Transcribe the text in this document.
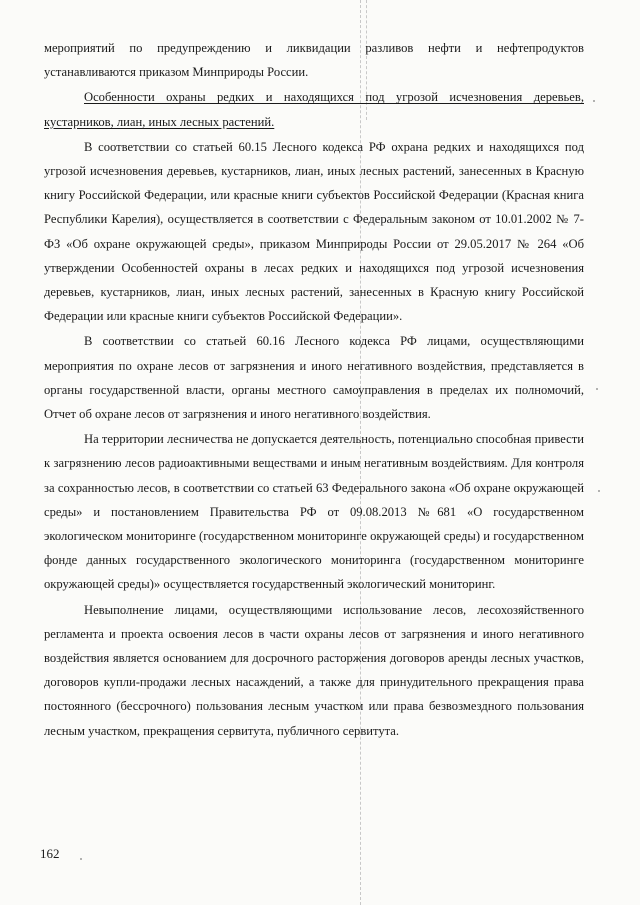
мероприятий по предупреждению и ликвидации разливов нефти и нефтепродуктов устанавливаются приказом Минприроды России.

Особенности охраны редких и находящихся под угрозой исчезновения деревьев, кустарников, лиан, иных лесных растений.

В соответствии со статьей 60.15 Лесного кодекса РФ охрана редких и находящихся под угрозой исчезновения деревьев, кустарников, лиан, иных лесных растений, занесенных в Красную книгу Российской Федерации, или красные книги субъектов Российской Федерации (Красная книга Республики Карелия), осуществляется в соответствии с Федеральным законом от 10.01.2002 № 7-ФЗ «Об охране окружающей среды», приказом Минприроды России от 29.05.2017 № 264 «Об утверждении Особенностей охраны в лесах редких и находящихся под угрозой исчезновения деревьев, кустарников, лиан, иных лесных растений, занесенных в Красную книгу Российской Федерации или красные книги субъектов Российской Федерации».

В соответствии со статьей 60.16 Лесного кодекса РФ лицами, осуществляющими мероприятия по охране лесов от загрязнения и иного негативного воздействия, представляется в органы государственной власти, органы местного самоуправления в пределах их полномочий, Отчет об охране лесов от загрязнения и иного негативного воздействия.

На территории лесничества не допускается деятельность, потенциально способная привести к загрязнению лесов радиоактивными веществами и иным негативным воздействиям. Для контроля за сохранностью лесов, в соответствии со статьей 63 Федерального закона «Об охране окружающей среды» и постановлением Правительства РФ от 09.08.2013 №681 «О государственном экологическом мониторинге (государственном мониторинге окружающей среды) и государственном фонде данных государственного экологического мониторинга (государственном мониторинге окружающей среды)» осуществляется государственный экологический мониторинг.

Невыполнение лицами, осуществляющими использование лесов, лесохозяйственного регламента и проекта освоения лесов в части охраны лесов от загрязнения и иного негативного воздействия является основанием для досрочного расторжения договоров аренды лесных участков, договоров купли-продажи лесных насаждений, а также для принудительного прекращения права постоянного (бессрочного) пользования лесным участком или права безвозмездного пользования лесным участком, прекращения сервитута, публичного сервитута.

162
